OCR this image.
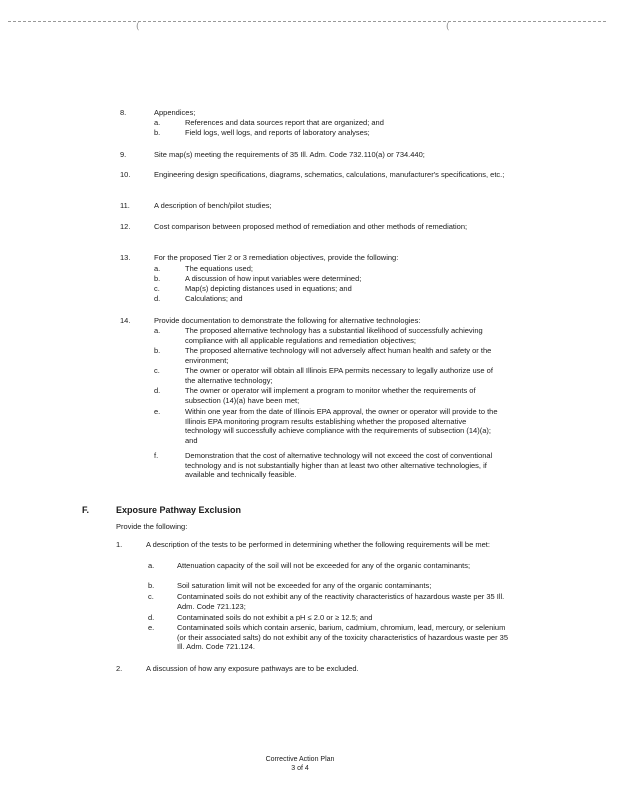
(	(
8.	Appendices;
a.	References and data sources report that are organized; and
b.	Field logs, well logs, and reports of laboratory analyses;
9.	Site map(s) meeting the requirements of 35 Ill. Adm. Code 732.110(a) or 734.440;
10.	Engineering design specifications, diagrams, schematics, calculations, manufacturer's specifications, etc.;
11.	A description of bench/pilot studies;
12.	Cost comparison between proposed method of remediation and other methods of remediation;
13.	For the proposed Tier 2 or 3 remediation objectives, provide the following:
a.	The equations used;
b.	A discussion of how input variables were determined;
c.	Map(s) depicting distances used in equations; and
d.	Calculations; and
14.	Provide documentation to demonstrate the following for alternative technologies:
a.	The proposed alternative technology has a substantial likelihood of successfully achieving compliance with all applicable regulations and remediation objectives;
b.	The proposed alternative technology will not adversely affect human health and safety or the environment;
c.	The owner or operator will obtain all Illinois EPA permits necessary to legally authorize use of the alternative technology;
d.	The owner or operator will implement a program to monitor whether the requirements of subsection (14)(a) have been met;
e.	Within one year from the date of Illinois EPA approval, the owner or operator will provide to the Illinois EPA monitoring program results establishing whether the proposed alternative technology will successfully achieve compliance with the requirements of subsection (14)(a); and
f.	Demonstration that the cost of alternative technology will not exceed the cost of conventional technology and is not substantially higher than at least two other alternative technologies, if available and technically feasible.
F.	Exposure Pathway Exclusion
Provide the following:
1.	A description of the tests to be performed in determining whether the following requirements will be met:
a.	Attenuation capacity of the soil will not be exceeded for any of the organic contaminants;
b.	Soil saturation limit will not be exceeded for any of the organic contaminants;
c.	Contaminated soils do not exhibit any of the reactivity characteristics of hazardous waste per 35 Ill. Adm. Code 721.123;
d.	Contaminated soils do not exhibit a pH ≤ 2.0 or ≥ 12.5; and
e.	Contaminated soils which contain arsenic, barium, cadmium, chromium, lead, mercury, or selenium (or their associated salts) do not exhibit any of the toxicity characteristics of hazardous waste per 35 Ill. Adm. Code 721.124.
2.	A discussion of how any exposure pathways are to be excluded.
Corrective Action Plan
3 of 4
